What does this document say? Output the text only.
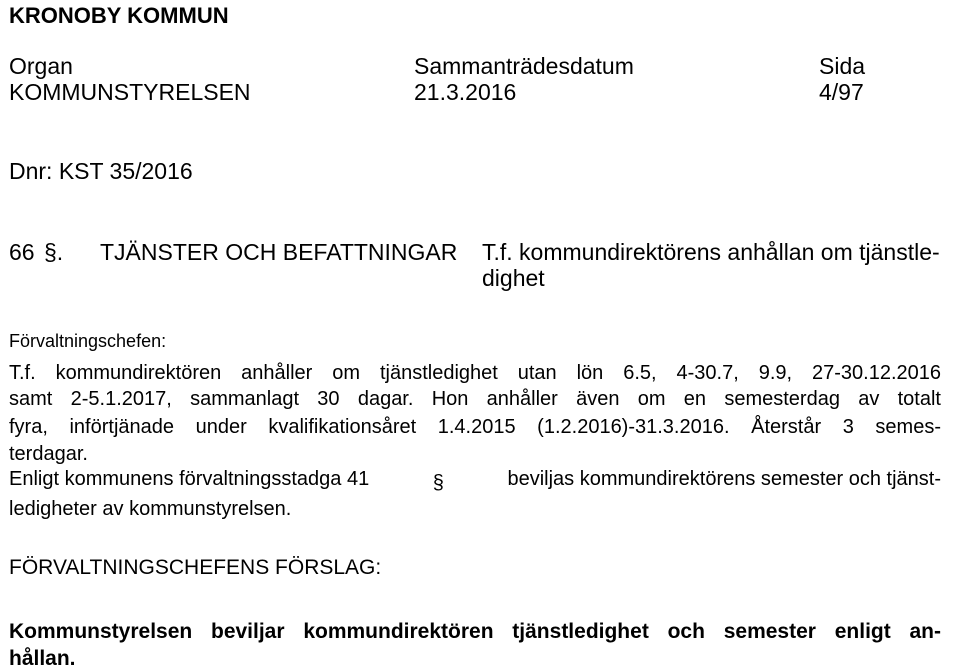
KRONOBY KOMMUN
Organ
KOMMUNSTYRELSEN
Sammanträdesdatum
21.3.2016
Sida
4/97
Dnr: KST 35/2016
66 §. TJÄNSTER OCH BEFATTNINGAR T.f. kommundirektörens anhållan om tjänstle-
dighet
Förvaltningschefen:
T.f. kommundirektören anhåller om tjänstledighet utan lön 6.5, 4-30.7, 9.9, 27-30.12.2016
samt 2-5.1.2017, sammanlagt 30 dagar. Hon anhåller även om en semesterdag av totalt
fyra, införtjänade under kvalifikationsåret 1.4.2015 (1.2.2016)-31.3.2016. Återstår 3 semes-
terdagar.
Enligt kommunens förvaltningsstadga 41	§	beviljas kommundirektörens semester och tjänst-
ledigheter av kommunstyrelsen.
FÖRVALTNINGSCHEFENS FÖRSLAG:
Kommunstyrelsen beviljar kommundirektören tjänstledighet och semester enligt an-
hållan.
